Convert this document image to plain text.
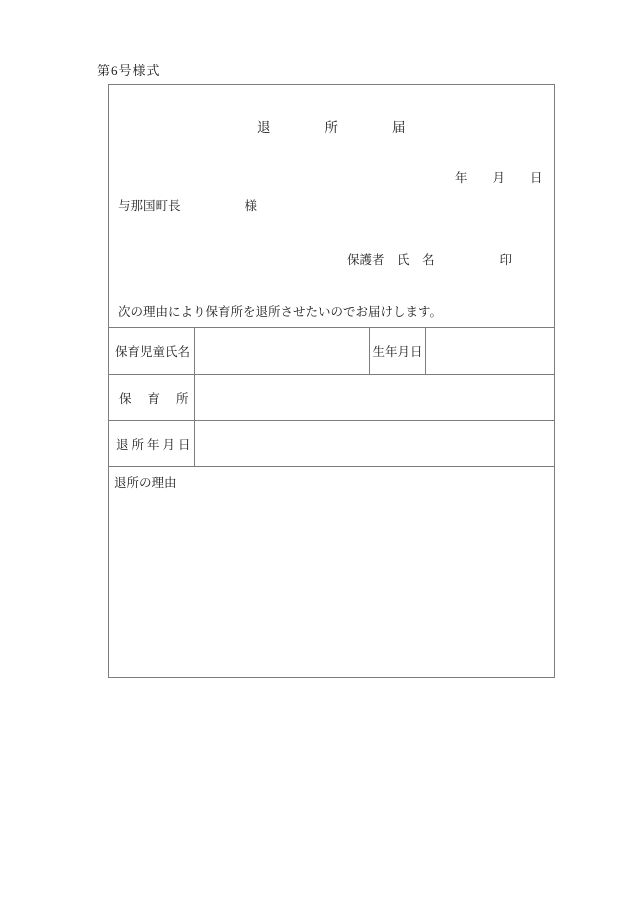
第6号様式
退所届
年月日
与那国町長	様
保護者　氏　名	印
次の理由により保育所を退所させたいのでお届けします。
保育児童氏名	生年月日
保育所
退所年月日
退所の理由
